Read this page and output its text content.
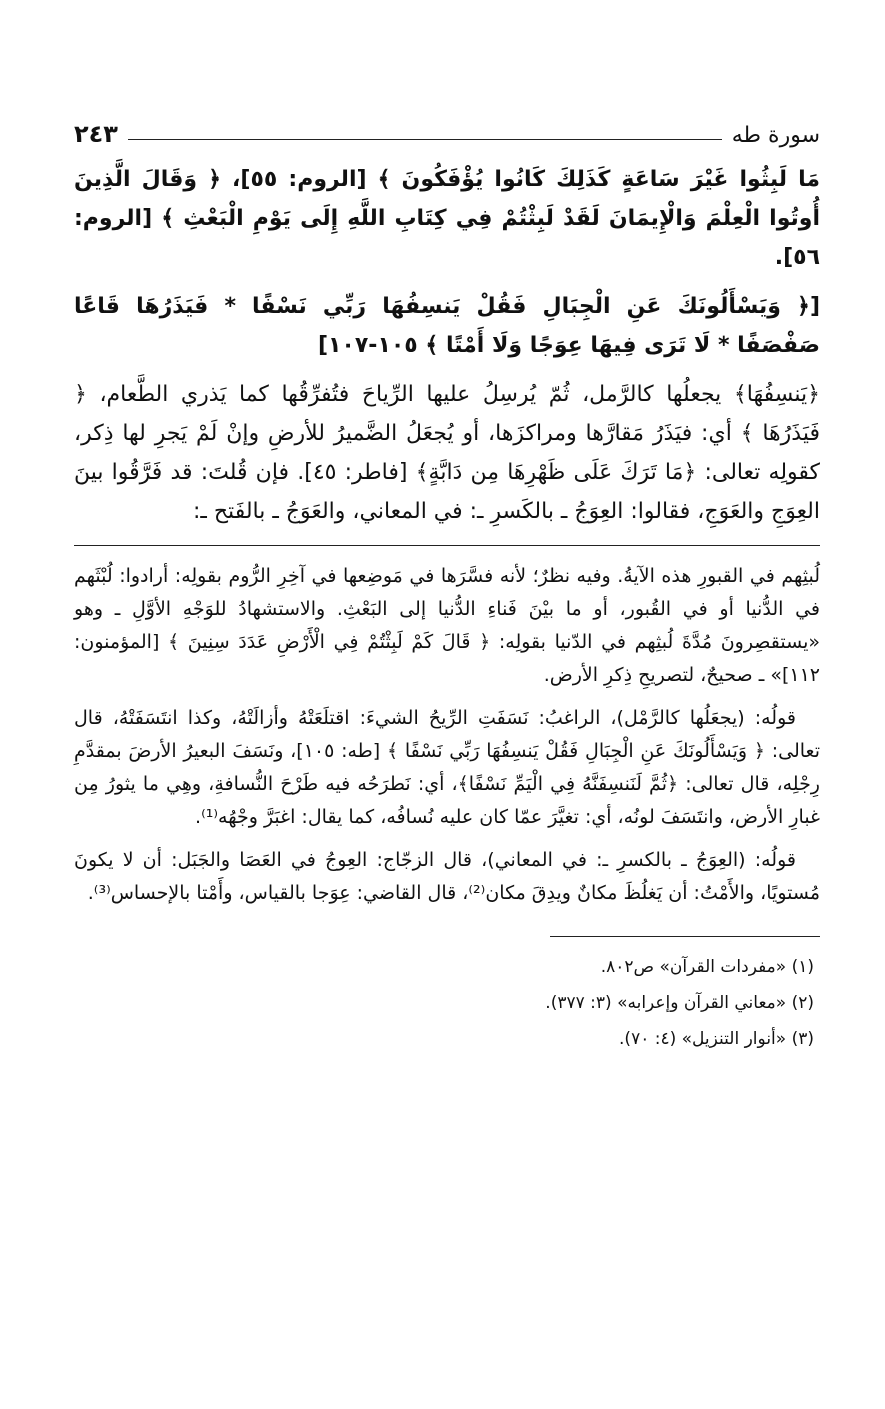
سورة طه
٢٤٣

مَا لَبِثُوا غَيْرَ سَاعَةٍ كَذَلِكَ كَانُوا يُؤْفَكُونَ ﴾ [الروم: ٥٥]، ﴿ وَقَالَ الَّذِينَ أُوتُوا الْعِلْمَ وَالْإِيمَانَ لَقَدْ لَبِثْتُمْ فِي كِتَابِ اللَّهِ إِلَى يَوْمِ الْبَعْثِ ﴾ [الروم: ٥٦].

[﴿ وَيَسْأَلُونَكَ عَنِ الْجِبَالِ فَقُلْ يَنسِفُهَا رَبِّي نَسْفًا * فَيَذَرُهَا قَاعًا صَفْصَفًا * لَا تَرَى فِيهَا عِوَجًا وَلَا أَمْتًا ﴾ ١٠٥-١٠٧]

﴿يَنسِفُهَا﴾ يجعلُها كالرَّمل، ثُمّ يُرسِلُ عليها الرِّياحَ فتُفرِّقُها كما يَذري الطَّعام، ﴿ فَيَذَرُهَا ﴾ أي: فيَذَرُ مَقارَّها ومراكزَها، أو يُجعَلُ الضَّميرُ للأرضِ وإنْ لَمْ يَجرِ لها ذِكر، كقولِه تعالى: ﴿مَا تَرَكَ عَلَى ظَهْرِهَا مِن دَابَّةٍ﴾ [فاطر: ٤٥]. فإن قُلتَ: قد فَرَّقُوا بينَ العِوَجِ والعَوَجِ، فقالوا: العِوَجُ ـ بالكَسرِ ـ: في المعاني، والعَوَجُ ـ بالفَتح ـ:

لُبثِهم في القبورِ هذه الآيةُ. وفيه نظرٌ؛ لأنه فسَّرَها في مَوضِعها في آخِرِ الرُّوم بقولِه: أرادوا: لُبْثَهم في الدُّنيا أو في القُبور، أو ما بيْنَ فَناءِ الدُّنيا إلى البَعْثِ. والاستشهادُ للوَجْهِ الأوَّلِ ـ وهو «يستقصِرونَ مُدَّةَ لُبثِهم في الدّنيا بقولِه: ﴿ قَالَ كَمْ لَبِثْتُمْ فِي الْأَرْضِ عَدَدَ سِنِينَ ﴾ [المؤمنون: ١١٢]» ـ صحيحٌ، لتصريحِ ذِكرِ الأرض.

قولُه: (يجعَلُها كالرَّمْل)، الراغبُ: نَسَفَتِ الرِّيحُ الشيءَ: اقتلَعَتْهُ وأزالَتْهُ، وكذا انتَسَفَتْهُ، قال تعالى: ﴿ وَيَسْأَلُونَكَ عَنِ الْجِبَالِ فَقُلْ يَنسِفُهَا رَبِّي نَسْفًا ﴾ [طه: ١٠٥]، ونَسَفَ البعيرُ الأرضَ بمقدَّمِ رِجْلِه، قال تعالى: ﴿ثُمَّ لَنَنسِفَنَّهُ فِي الْيَمِّ نَسْفًا﴾، أي: نَطرَحُه فيه طَرْحَ النُّسافةِ، وهِي ما يثورُ مِن غبارِ الأرض، وانتَسَفَ لونُه، أي: تغيَّرَ عمّا كان عليه نُسافُه، كما يقال: اغبَرَّ وجْهُه⁽¹⁾.

قولُه: (العِوَجُ ـ بالكسرِ ـ: في المعاني)، قال الزجّاج: العِوجُ في العَصَا والجَبَل: أن لا يكونَ مُستويًا، والأَمْتُ: أن يَغلُظَ مكانٌ ويدِقَ مكان⁽²⁾، قال القاضي: عِوَجا بالقياس، وأَمْتا بالإحساس⁽³⁾.

(١) «مفردات القرآن» ص٨٠٢.

(٢) «معاني القرآن وإعرابه» (٣: ٣٧٧).

(٣) «أنوار التنزيل» (٤: ٧٠).
